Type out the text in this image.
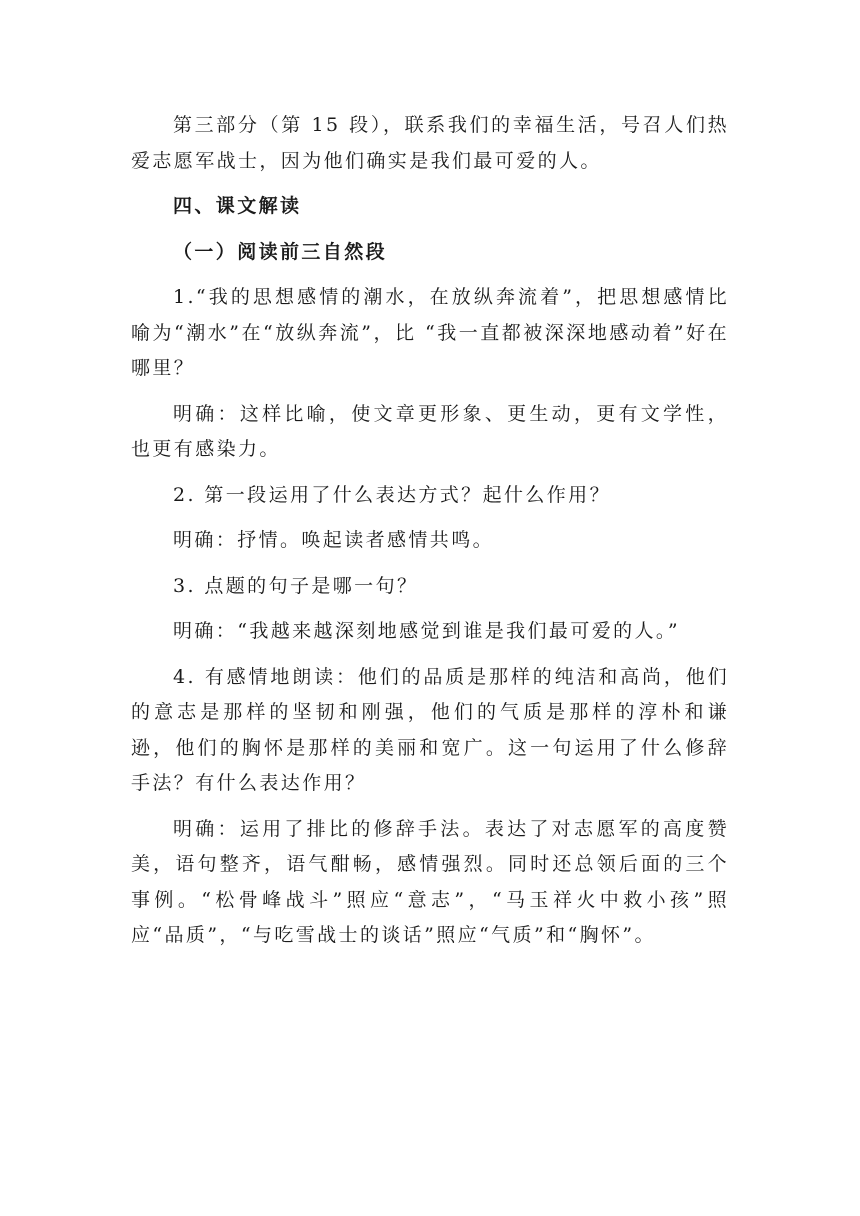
第三部分（第 15 段），联系我们的幸福生活，号召人们热爱志愿军战士，因为他们确实是我们最可爱的人。

四、课文解读

（一）阅读前三自然段

1.“我的思想感情的潮水，在放纵奔流着”，把思想感情比喻为“潮水”在“放纵奔流”，比 “我一直都被深深地感动着”好在哪里？

明确：这样比喻，使文章更形象、更生动，更有文学性，也更有感染力。

2. 第一段运用了什么表达方式？起什么作用？

明确：抒情。唤起读者感情共鸣。

3. 点题的句子是哪一句？

明确：“我越来越深刻地感觉到谁是我们最可爱的人。”

4. 有感情地朗读：他们的品质是那样的纯洁和高尚，他们的意志是那样的坚韧和刚强，他们的气质是那样的淳朴和谦逊，他们的胸怀是那样的美丽和宽广。这一句运用了什么修辞手法？有什么表达作用？

明确：运用了排比的修辞手法。表达了对志愿军的高度赞美，语句整齐，语气酣畅，感情强烈。同时还总领后面的三个事例。“松骨峰战斗”照应“意志”，“马玉祥火中救小孩”照应“品质”，“与吃雪战士的谈话”照应“气质”和“胸怀”。
